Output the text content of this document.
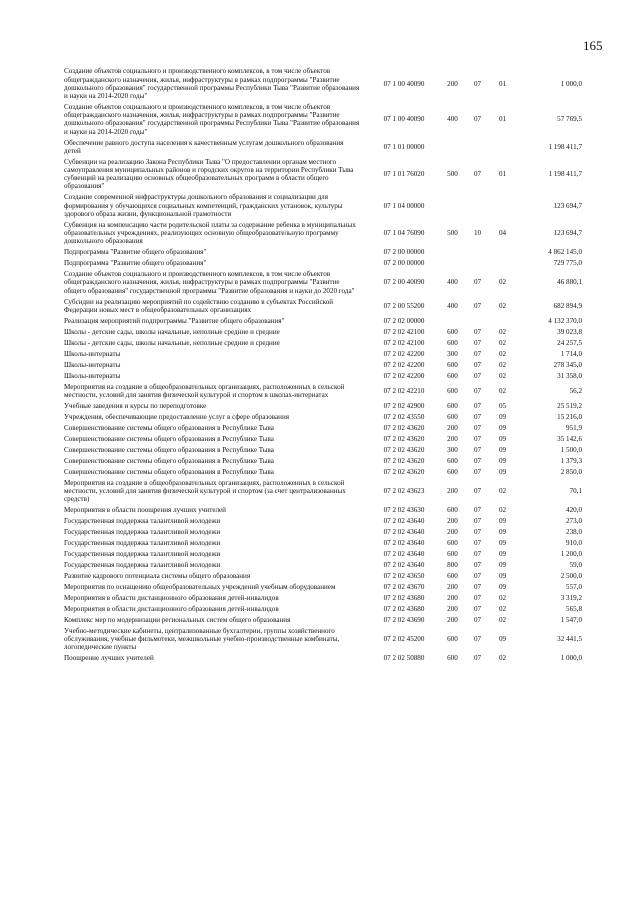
165
Создание объектов социального и производственного комплексов, в том числе объектов общегражданского назначения, жилья, инфраструктуры в рамках подпрограммы "Развитие дошкольного образования" государственной программы Республики Тыва "Развитие образования и науки на 2014-2020 годы"	07 1 00 40090	200	07	01	1 000,0
Создание объектов социального и производственного комплексов, в том числе объектов общегражданского назначения, жилья, инфраструктуры в рамках подпрограммы "Развитие дошкольного образования" государственной программы Республики Тыва "Развитие образования и науки на 2014-2020 годы"	07 1 00 40090	400	07	01	57 769,5
Обеспечение равного доступа населения к качественным услугам дошкольного образования детей	07 1 01 00000				1 198 411,7
Субвенции на реализацию Закона Республики Тыва "О предоставлении органам местного самоуправления муниципальных районов и городских округов на территории Республики Тыва субвенций на реализацию основных общеобразовательных программ в области общего образования"	07 1 01 76020	500	07	01	1 198 411,7
Создание современной инфраструктуры дошкольного образования и социализации для формирования у обучающихся социальных компетенций, гражданских установок, культуры здорового образа жизни, функциональной грамотности	07 1 04 00000				123 694,7
Субвенция на компенсацию части родительской платы за содержание ребенка в муниципальных образовательных учреждениях, реализующих основную общеобразовательную программу дошкольного образования	07 1 04 76090	500	10	04	123 694,7
Подпрограмма "Развитие общего образования"	07 2 00 00000				4 862 145,0
Подпрограмма "Развитие общего образования"	07 2 00 00000				729 775,0
Создание объектов социального и производственного комплексов, в том числе объектов общегражданского назначения, жилья, инфраструктуры в рамках подпрограммы "Развитие общего образования" государственной программы "Развитие образования и науки до 2020 года"	07 2 00 40090	400	07	02	46 880,1
Субсидии на реализацию мероприятий по содействию созданию в субъектах Российской Федерации новых мест в общеобразовательных организациях	07 2 00 55200	400	07	02	682 894,9
Реализация мероприятий подпрограммы "Развитие общего образования"	07 2 02 00000				4 132 370,0
Школы - детские сады, школы начальные, неполные средние и средние	07 2 02 42100	600	07	02	39 023,8
Школы - детские сады, школы начальные, неполные средние и средние	07 2 02 42100	600	07	02	24 257,5
Школы-интернаты	07 2 02 42200	300	07	02	1 714,0
Школы-интернаты	07 2 02 42200	600	07	02	278 345,0
Школы-интернаты	07 2 02 42200	600	07	02	31 358,0
Мероприятия на создание в общеобразовательных организациях, расположенных в сельской местности, условий для занятия физической культурой и спортом в школах-интернатах	07 2 02 42210	600	07	02	56,2
Учебные заведения и курсы по переподготовке	07 2 02 42900	600	07	05	25 519,2
Учреждения, обеспечивающие предоставление услуг в сфере образования	07 2 02 43550	600	07	09	15 216,0
Совершенствование системы общего образования в Республике Тыва	07 2 02 43620	200	07	09	951,9
Совершенствование системы общего образования в Республике Тыва	07 2 02 43620	200	07	09	35 142,6
Совершенствование системы общего образования в Республике Тыва	07 2 02 43620	300	07	09	1 500,0
Совершенствование системы общего образования в Республике Тыва	07 2 02 43620	600	07	09	1 379,3
Совершенствование системы общего образования в Республике Тыва	07 2 02 43620	600	07	09	2 850,0
Мероприятия на создание в общеобразовательных организациях, расположенных в сельской местности, условий для занятия физической культурой и спортом (за счет централизованных средств)	07 2 02 43623	200	07	02	70,1
Мероприятия в области поощрения лучших учителей	07 2 02 43630	600	07	02	420,0
Государственная поддержка талантливой молодежи	07 2 02 43640	200	07	09	273,0
Государственная поддержка талантливой молодежи	07 2 02 43640	200	07	09	238,0
Государственная поддержка талантливой молодежи	07 2 02 43640	600	07	09	910,0
Государственная поддержка талантливой молодежи	07 2 02 43640	600	07	09	1 200,0
Государственная поддержка талантливой молодежи	07 2 02 43640	800	07	09	59,0
Развитие кадрового потенциала системы общего образования	07 2 02 43650	600	07	09	2 500,0
Мероприятия по оснащению общеобразовательных учреждений учебным оборудованием	07 2 02 43670	200	07	09	557,0
Мероприятия в области дистанционного образования детей-инвалидов	07 2 02 43680	200	07	02	3 319,2
Мероприятия в области дистанционного образования детей-инвалидов	07 2 02 43680	200	07	02	565,8
Комплекс мер по модернизации региональных систем общего образования	07 2 02 43690	200	07	02	1 547,0
Учебно-методические кабинеты, централизованные бухгалтерии, группы хозяйственного обслуживания, учебные фильмотеки, межшкольные учебно-производственные комбинаты, логопедические пункты	07 2 02 45200	600	07	09	32 441,5
Поощрение лучших учителей	07 2 02 50880	600	07	02	1 000,0
